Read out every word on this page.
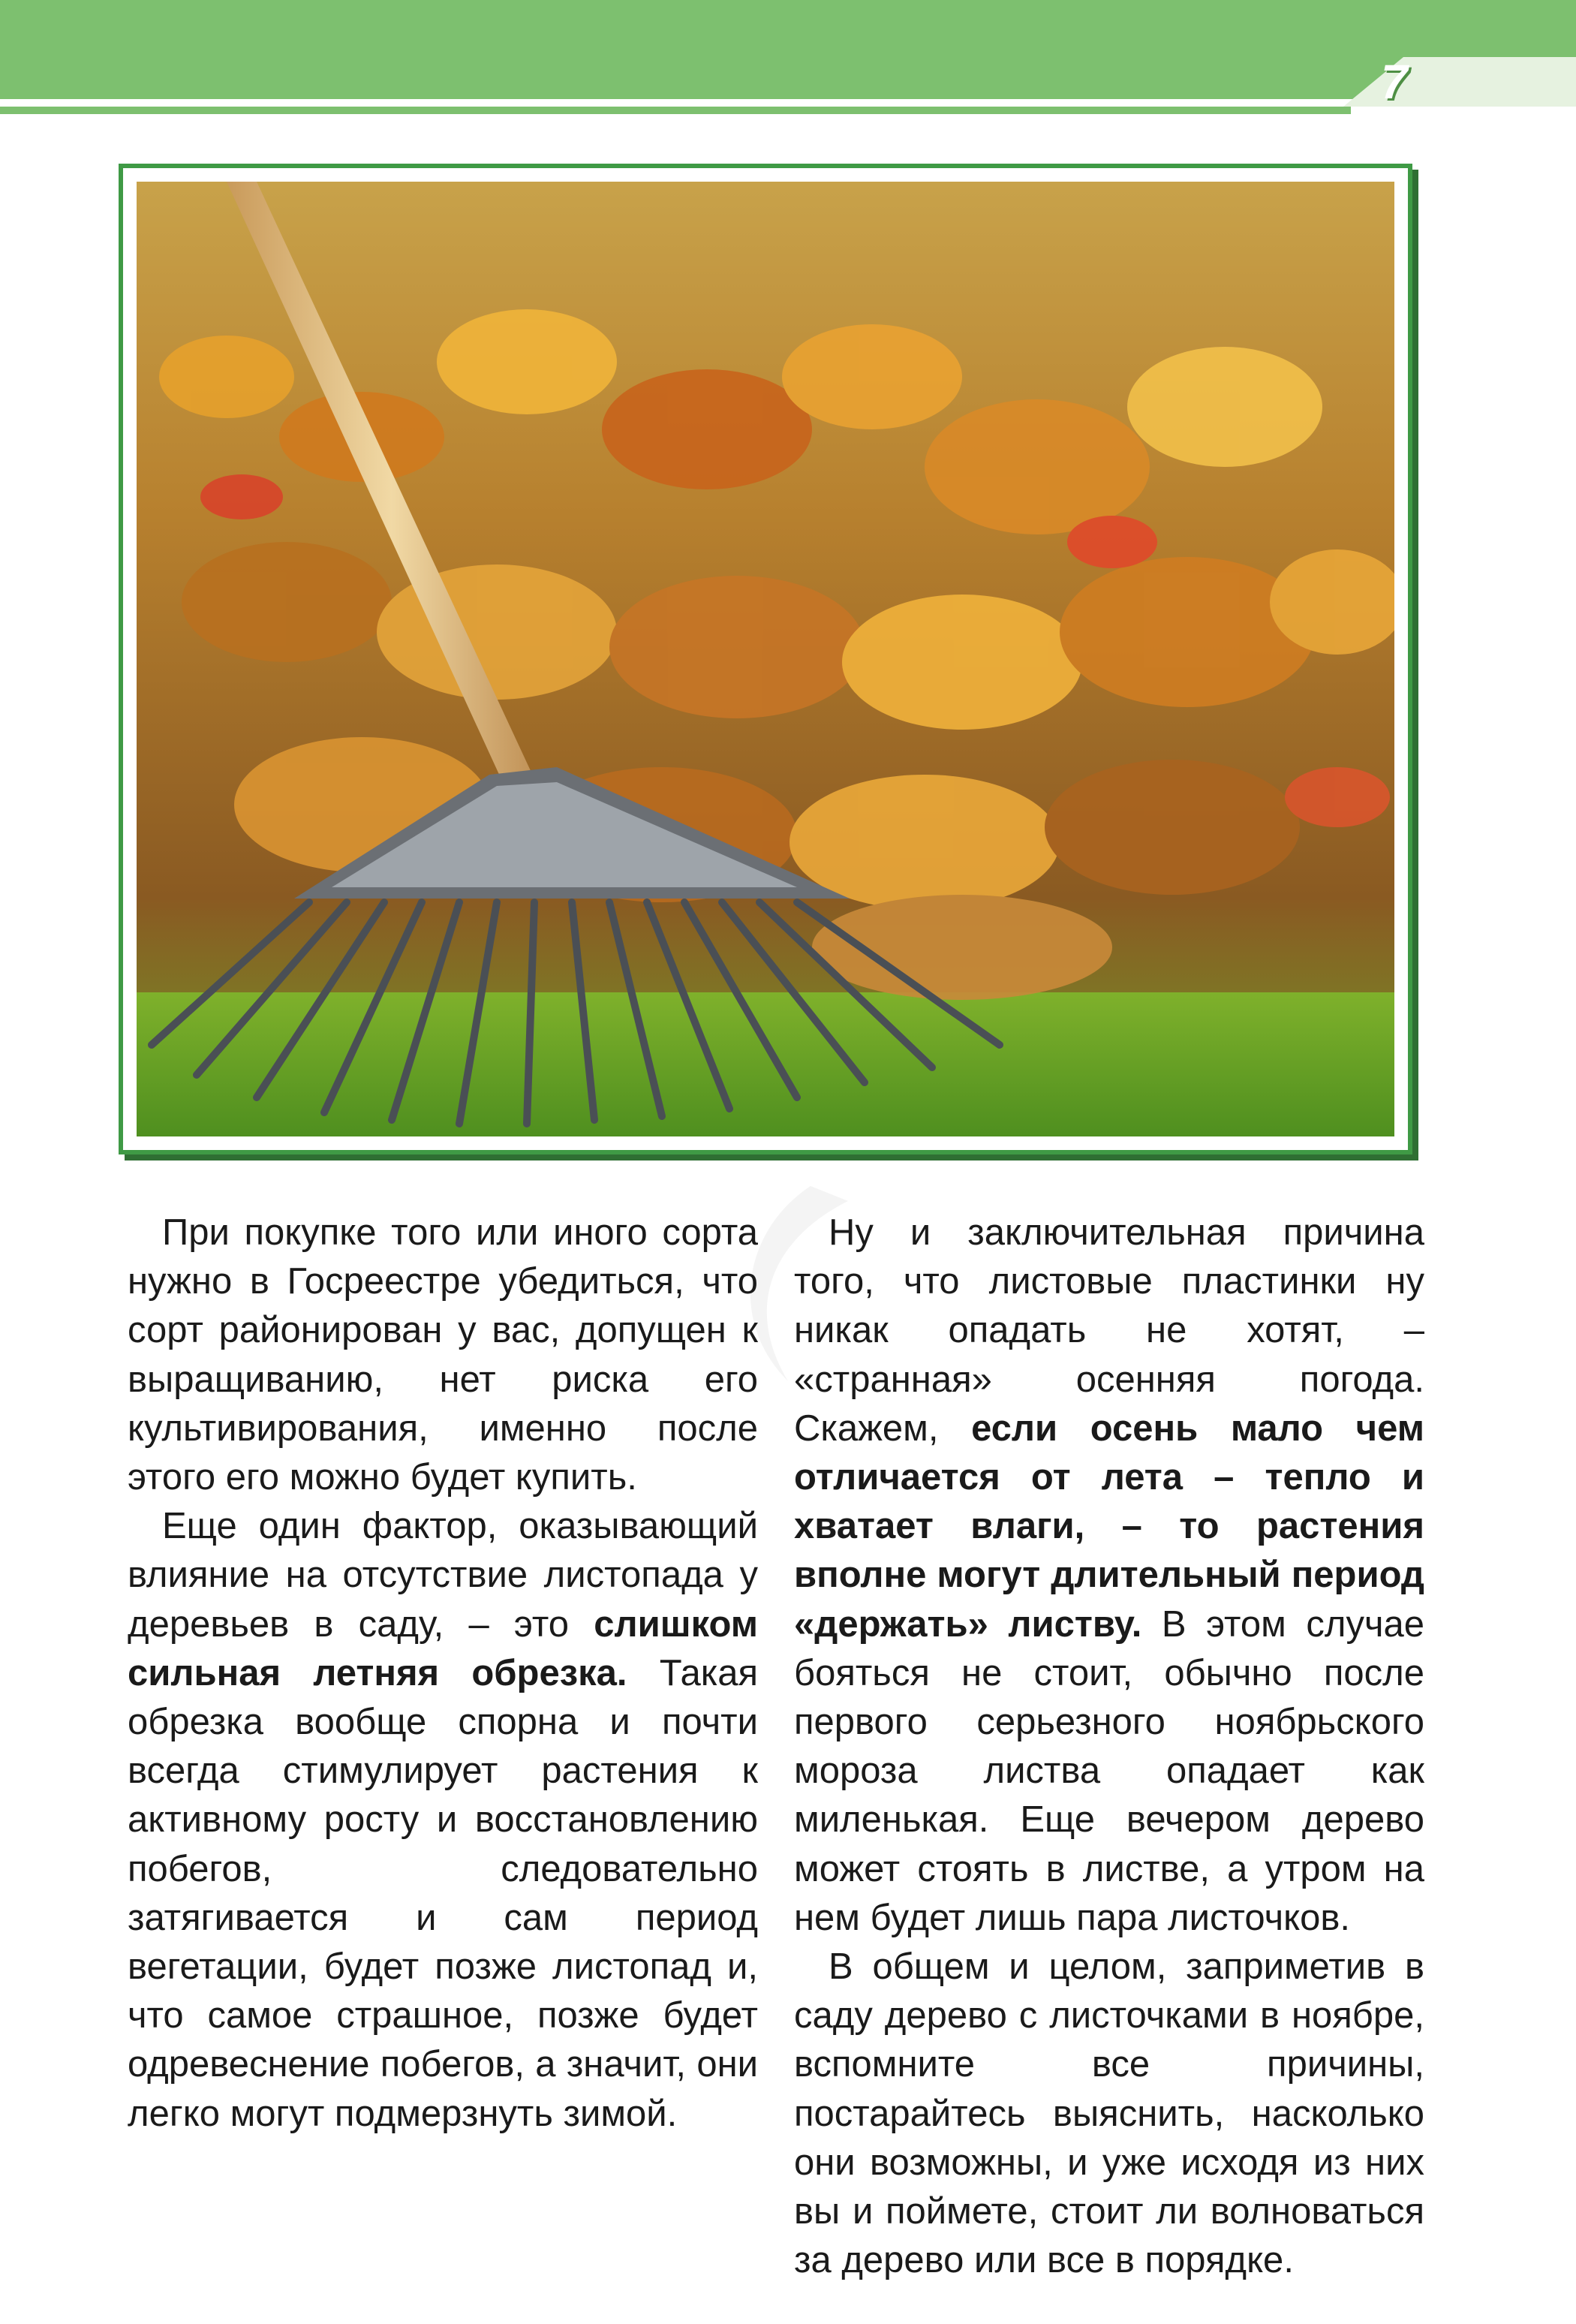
7

При покупке того или иного сорта нужно в Госреестре убедиться, что сорт районирован у вас, допущен к выращиванию, нет риска его культивирования, именно после этого его можно будет купить.

Еще один фактор, оказывающий влияние на отсутствие листопада у деревьев в саду, – это слишком сильная летняя обрезка. Такая обрезка вообще спорна и почти всегда стимулирует растения к активному росту и восстановлению побегов, следовательно затягивается и сам период вегетации, будет позже листопад и, что самое страшное, позже будет одревеснение побегов, а значит, они легко могут подмерзнуть зимой.

Ну и заключительная причина того, что листовые пластинки ну никак опадать не хотят, – «странная» осенняя погода. Скажем, если осень мало чем отличается от лета – тепло и хватает влаги, – то растения вполне могут длительный период «держать» листву. В этом случае бояться не стоит, обычно после первого серьезного ноябрьского мороза листва опадает как миленькая. Еще вечером дерево может стоять в листве, а утром на нем будет лишь пара листочков.

В общем и целом, заприметив в саду дерево с листочками в ноябре, вспомните все причины, постарайтесь выяснить, насколько они возможны, и уже исходя из них вы и поймете, стоит ли волноваться за дерево или все в порядке.
